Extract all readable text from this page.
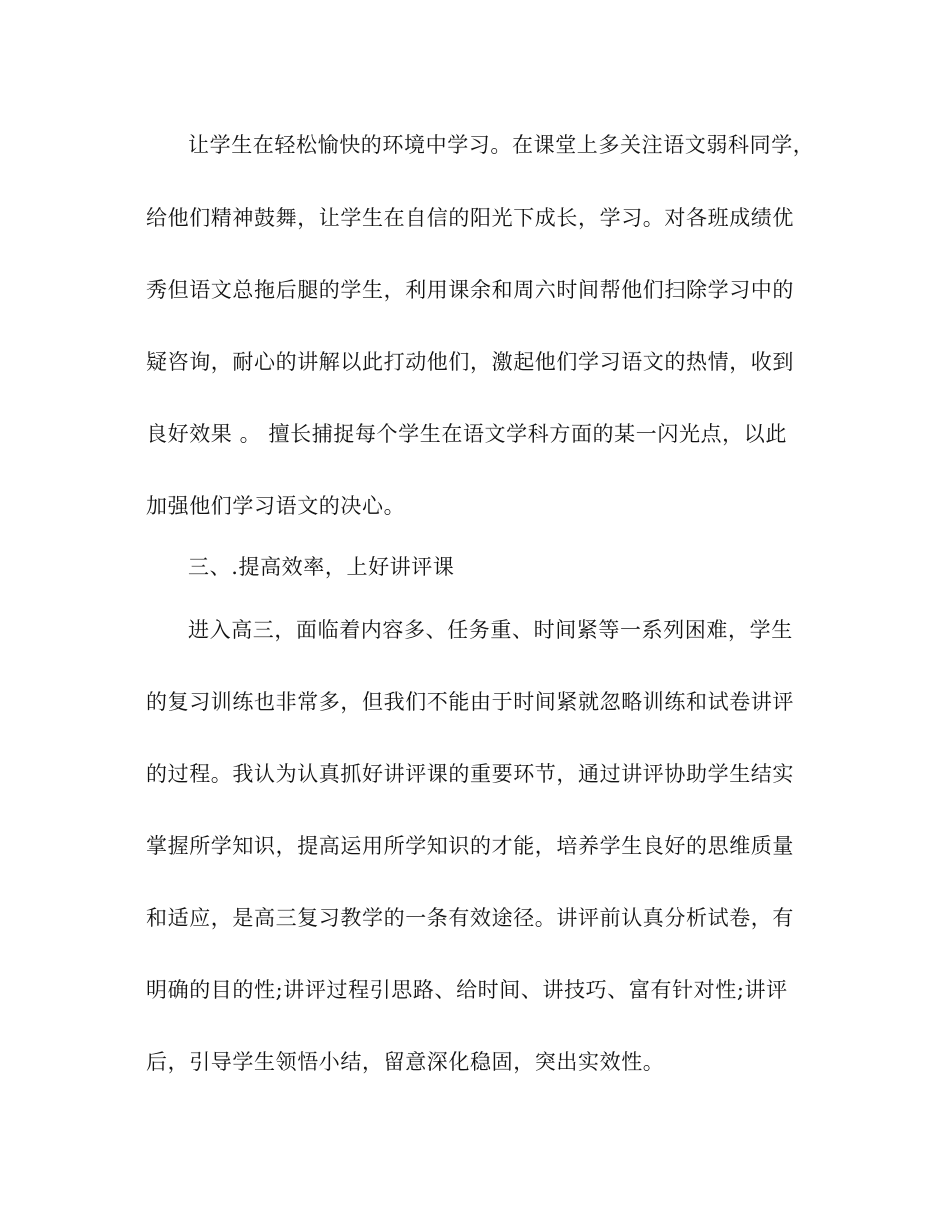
让学生在轻松愉快的环境中学习。在课堂上多关注语文弱科同学，

给他们精神鼓舞，让学生在自信的阳光下成长，学习。对各班成绩优

秀但语文总拖后腿的学生，利用课余和周六时间帮他们扫除学习中的

疑咨询，耐心的讲解以此打动他们，激起他们学习语文的热情，收到

良好效果 。 擅长捕捉每个学生在语文学科方面的某一闪光点，以此

加强他们学习语文的决心。

三、.提高效率，上好讲评课

进入高三，面临着内容多、任务重、时间紧等一系列困难，学生

的复习训练也非常多，但我们不能由于时间紧就忽略训练和试卷讲评

的过程。我认为认真抓好讲评课的重要环节，通过讲评协助学生结实

掌握所学知识，提高运用所学知识的才能，培养学生良好的思维质量

和适应，是高三复习教学的一条有效途径。讲评前认真分析试卷，有

明确的目的性;讲评过程引思路、给时间、讲技巧、富有针对性;讲评

后，引导学生领悟小结，留意深化稳固，突出实效性。
